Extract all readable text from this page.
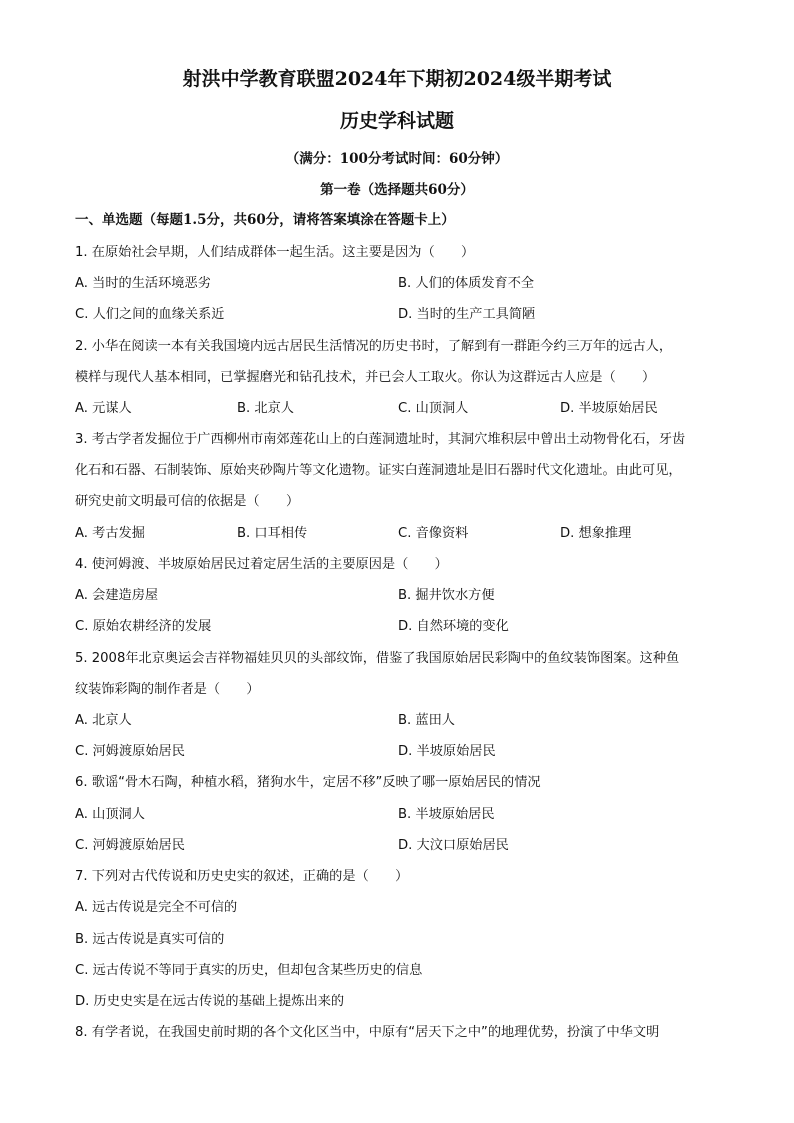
射洪中学教育联盟2024年下期初2024级半期考试
历史学科试题
（满分：100分考试时间：60分钟）
第一卷（选择题共60分）
一、单选题（每题1.5分，共60分，请将答案填涂在答题卡上）
1. 在原始社会早期，人们结成群体一起生活。这主要是因为（　　）
A. 当时的生活环境恶劣	B. 人们的体质发育不全
C. 人们之间的血缘关系近	D. 当时的生产工具简陋
2. 小华在阅读一本有关我国境内远古居民生活情况的历史书时，了解到有一群距今约三万年的远古人，
模样与现代人基本相同，已掌握磨光和钻孔技术，并已会人工取火。你认为这群远古人应是（　　）
A. 元谋人	B. 北京人	C. 山顶洞人	D. 半坡原始居民
3. 考古学者发掘位于广西柳州市南郊莲花山上的白莲洞遗址时，其洞穴堆积层中曾出土动物骨化石，牙齿
化石和石器、石制装饰、原始夹砂陶片等文化遗物。证实白莲洞遗址是旧石器时代文化遗址。由此可见，
研究史前文明最可信的依据是（　　）
A. 考古发掘	B. 口耳相传	C. 音像资料	D. 想象推理
4. 使河姆渡、半坡原始居民过着定居生活的主要原因是（　　）
A. 会建造房屋	B. 掘井饮水方便
C. 原始农耕经济的发展	D. 自然环境的变化
5. 2008年北京奥运会吉祥物福娃贝贝的头部纹饰，借鉴了我国原始居民彩陶中的鱼纹装饰图案。这种鱼
纹装饰彩陶的制作者是（　　）
A. 北京人	B. 蓝田人
C. 河姆渡原始居民	D. 半坡原始居民
6. 歌谣“骨木石陶，种植水稻，猪狗水牛，定居不移”反映了哪一原始居民的情况
A. 山顶洞人	B. 半坡原始居民
C. 河姆渡原始居民	D. 大汶口原始居民
7. 下列对古代传说和历史史实的叙述，正确的是（　　）
A. 远古传说是完全不可信的
B. 远古传说是真实可信的
C. 远古传说不等同于真实的历史，但却包含某些历史的信息
D. 历史史实是在远古传说的基础上提炼出来的
8. 有学者说，在我国史前时期的各个文化区当中，中原有“居天下之中”的地理优势，扮演了中华文明
